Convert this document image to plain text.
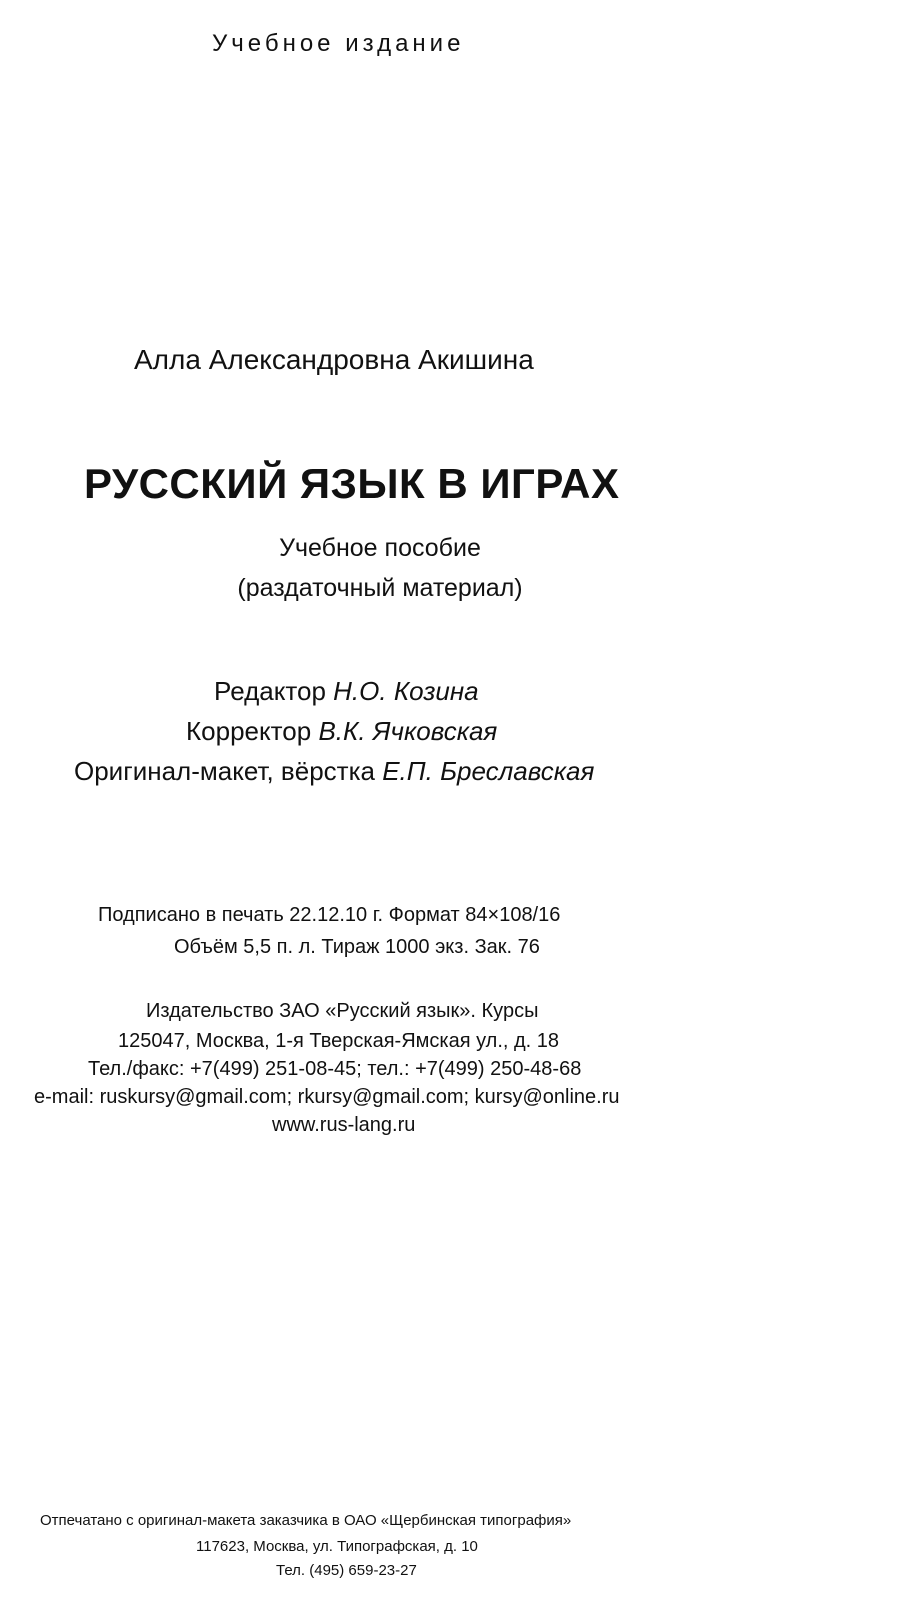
Учебное издание
Алла Александровна Акишина
РУССКИЙ ЯЗЫК В ИГРАХ
Учебное пособие
(раздаточный материал)
Редактор Н.О. Козина
Корректор В.К. Ячковская
Оригинал-макет, вёрстка Е.П. Бреславская
Подписано в печать 22.12.10 г. Формат 84×108/16
Объём 5,5 п. л. Тираж 1000 экз. Зак. 76
Издательство ЗАО «Русский язык». Курсы
125047, Москва, 1-я Тверская-Ямская ул., д. 18
Тел./факс: +7(499) 251-08-45; тел.: +7(499) 250-48-68
e-mail: ruskursy@gmail.com; rkursy@gmail.com; kursy@online.ru
www.rus-lang.ru
Отпечатано с оригинал-макета заказчика в ОАО «Щербинская типография»
117623, Москва, ул. Типографская, д. 10
Тел. (495) 659-23-27
